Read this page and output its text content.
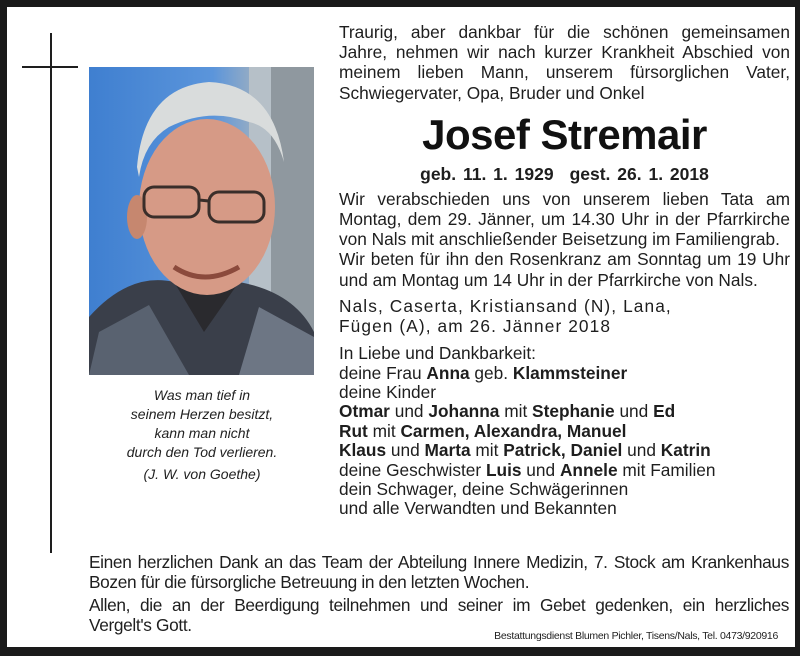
Was man tief in
seinem Herzen besitzt,
kann man nicht
durch den Tod verlieren.
(J. W. von Goethe)
Traurig, aber dankbar für die schönen gemeinsamen Jahre, nehmen wir nach kurzer Krankheit Abschied von meinem lieben Mann, unserem fürsorglichen Vater, Schwiegervater, Opa, Bruder und Onkel
Josef Stremair
geb. 11. 1. 1929 gest. 26. 1. 2018
Wir verabschieden uns von unserem lieben Tata am Montag, dem 29. Jänner, um 14.30 Uhr in der Pfarrkirche von Nals mit anschließender Beisetzung im Familiengrab.
Wir beten für ihn den Rosenkranz am Sonntag um 19 Uhr und am Montag um 14 Uhr in der Pfarrkirche von Nals.
Nals, Caserta, Kristiansand (N), Lana,
Fügen (A), am 26. Jänner 2018
In Liebe und Dankbarkeit:
deine Frau Anna geb. Klammsteiner
deine Kinder
Otmar und Johanna mit Stephanie und Ed
Rut mit Carmen, Alexandra, Manuel
Klaus und Marta mit Patrick, Daniel und Katrin
deine Geschwister Luis und Annele mit Familien
dein Schwager, deine Schwägerinnen
und alle Verwandten und Bekannten
Einen herzlichen Dank an das Team der Abteilung Innere Medizin, 7. Stock am Krankenhaus Bozen für die fürsorgliche Betreuung in den letzten Wochen.
Allen, die an der Beerdigung teilnehmen und seiner im Gebet gedenken, ein herzliches Vergelt's Gott.
Bestattungsdienst Blumen Pichler, Tisens/Nals, Tel. 0473/920916
